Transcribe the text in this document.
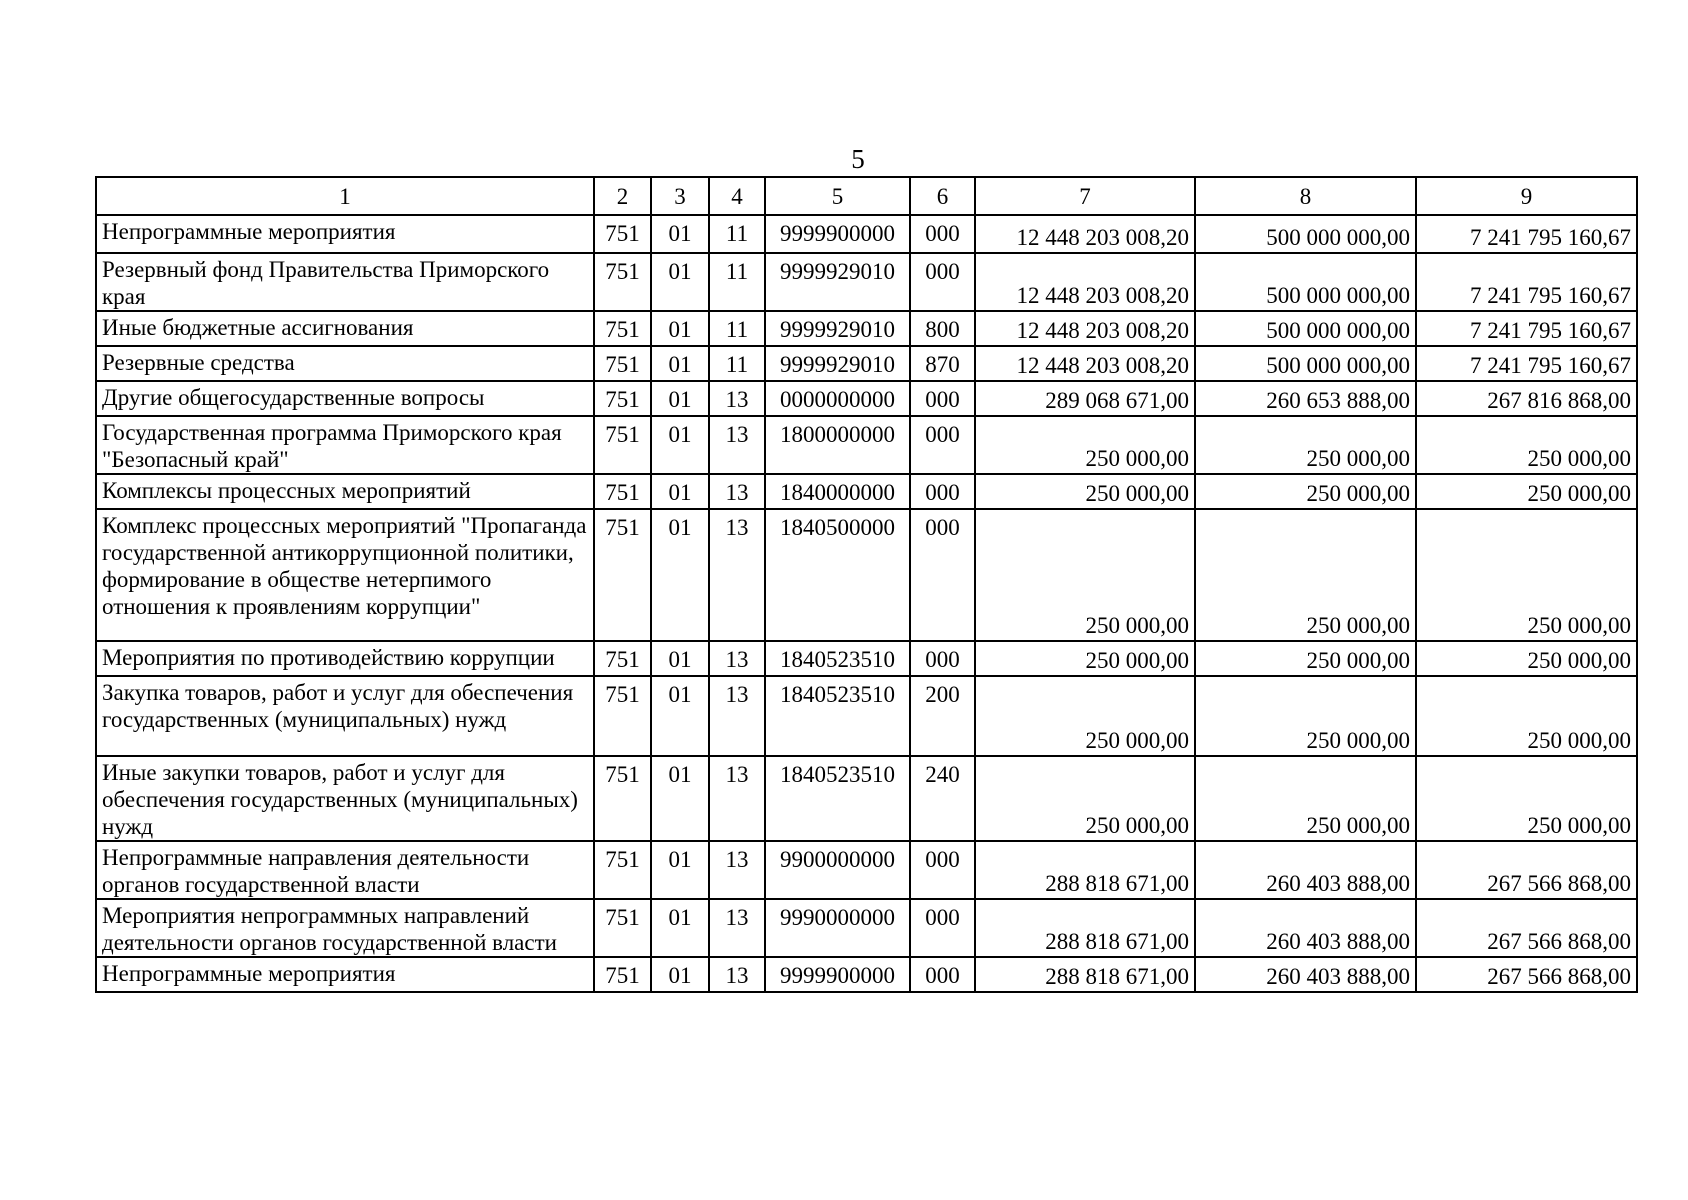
5
1	2	3	4	5	6	7	8	9
Непрограммные мероприятия	751	01	11	9999900000	000	12 448 203 008,20	500 000 000,00	7 241 795 160,67
Резервный фонд Правительства Приморского края	751	01	11	9999929010	000	12 448 203 008,20	500 000 000,00	7 241 795 160,67
Иные бюджетные ассигнования	751	01	11	9999929010	800	12 448 203 008,20	500 000 000,00	7 241 795 160,67
Резервные средства	751	01	11	9999929010	870	12 448 203 008,20	500 000 000,00	7 241 795 160,67
Другие общегосударственные вопросы	751	01	13	0000000000	000	289 068 671,00	260 653 888,00	267 816 868,00
Государственная программа Приморского края "Безопасный край"	751	01	13	1800000000	000	250 000,00	250 000,00	250 000,00
Комплексы процессных мероприятий	751	01	13	1840000000	000	250 000,00	250 000,00	250 000,00
Комплекс процессных мероприятий "Пропаганда государственной антикоррупционной политики, формирование в обществе нетерпимого отношения к проявлениям коррупции"	751	01	13	1840500000	000	250 000,00	250 000,00	250 000,00
Мероприятия по противодействию коррупции	751	01	13	1840523510	000	250 000,00	250 000,00	250 000,00
Закупка товаров, работ и услуг для обеспечения государственных (муниципальных) нужд	751	01	13	1840523510	200	250 000,00	250 000,00	250 000,00
Иные закупки товаров, работ и услуг для обеспечения государственных (муниципальных) нужд	751	01	13	1840523510	240	250 000,00	250 000,00	250 000,00
Непрограммные направления деятельности органов государственной власти	751	01	13	9900000000	000	288 818 671,00	260 403 888,00	267 566 868,00
Мероприятия непрограммных направлений деятельности органов государственной власти	751	01	13	9990000000	000	288 818 671,00	260 403 888,00	267 566 868,00
Непрограммные мероприятия	751	01	13	9999900000	000	288 818 671,00	260 403 888,00	267 566 868,00
